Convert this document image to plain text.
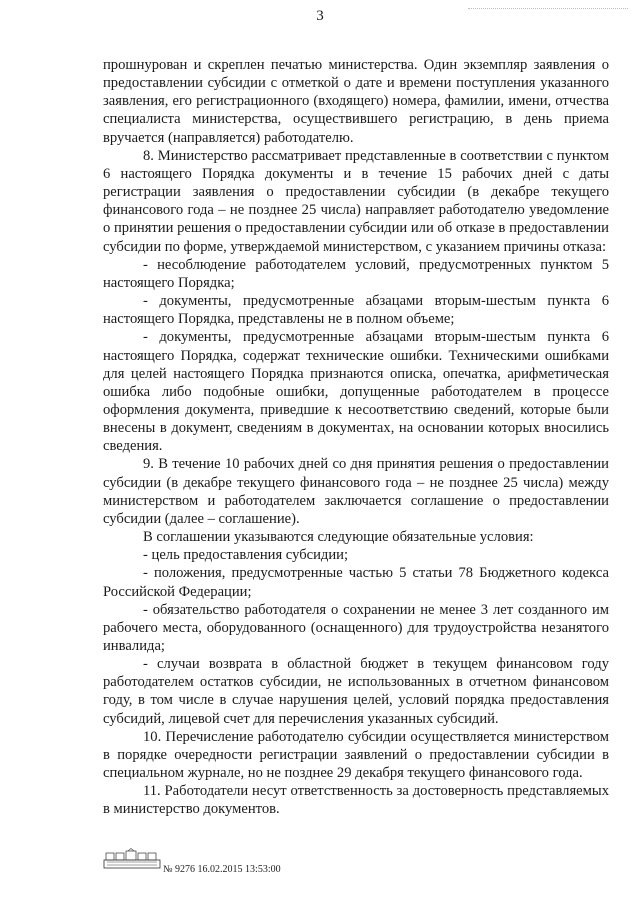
3

прошнурован и скреплен печатью министерства. Один экземпляр заявления о предоставлении субсидии с отметкой о дате и времени поступления указанного заявления, его регистрационного (входящего) номера, фамилии, имени, отчества специалиста министерства, осуществившего регистрацию, в день приема вручается (направляется) работодателю.

8. Министерство рассматривает представленные в соответствии с пунктом 6 настоящего Порядка документы и в течение 15 рабочих дней с даты регистрации заявления о предоставлении субсидии (в декабре текущего финансового года – не позднее 25 числа) направляет работодателю уведомление о принятии решения о предоставлении субсидии или об отказе в предоставлении субсидии по форме, утверждаемой министерством, с указанием причины отказа:

- несоблюдение работодателем условий, предусмотренных пунктом 5 настоящего Порядка;

- документы, предусмотренные абзацами вторым-шестым пункта 6 настоящего Порядка, представлены не в полном объеме;

- документы, предусмотренные абзацами вторым-шестым пункта 6 настоящего Порядка, содержат технические ошибки. Техническими ошибками для целей настоящего Порядка признаются описка, опечатка, арифметическая ошибка либо подобные ошибки, допущенные работодателем в процессе оформления документа, приведшие к несоответствию сведений, которые были внесены в документ, сведениям в документах, на основании которых вносились сведения.

9. В течение 10 рабочих дней со дня принятия решения о предоставлении субсидии (в декабре текущего финансового года – не позднее 25 числа) между министерством и работодателем заключается соглашение о предоставлении субсидии (далее – соглашение).

В соглашении указываются следующие обязательные условия:

- цель предоставления субсидии;

- положения, предусмотренные частью 5 статьи 78 Бюджетного кодекса Российской Федерации;

- обязательство работодателя о сохранении не менее 3 лет созданного им рабочего места, оборудованного (оснащенного) для трудоустройства незанятого инвалида;

- случаи возврата в областной бюджет в текущем финансовом году работодателем остатков субсидии, не использованных в отчетном финансовом году, в том числе в случае нарушения целей, условий порядка предоставления субсидий, лицевой счет для перечисления указанных субсидий.

10. Перечисление работодателю субсидии осуществляется министерством в порядке очередности регистрации заявлений о предоставлении субсидии в специальном журнале, но не позднее 29 декабря текущего финансового года.

11. Работодатели несут ответственность за достоверность представляемых в министерство документов.

№ 9276 16.02.2015 13:53:00
